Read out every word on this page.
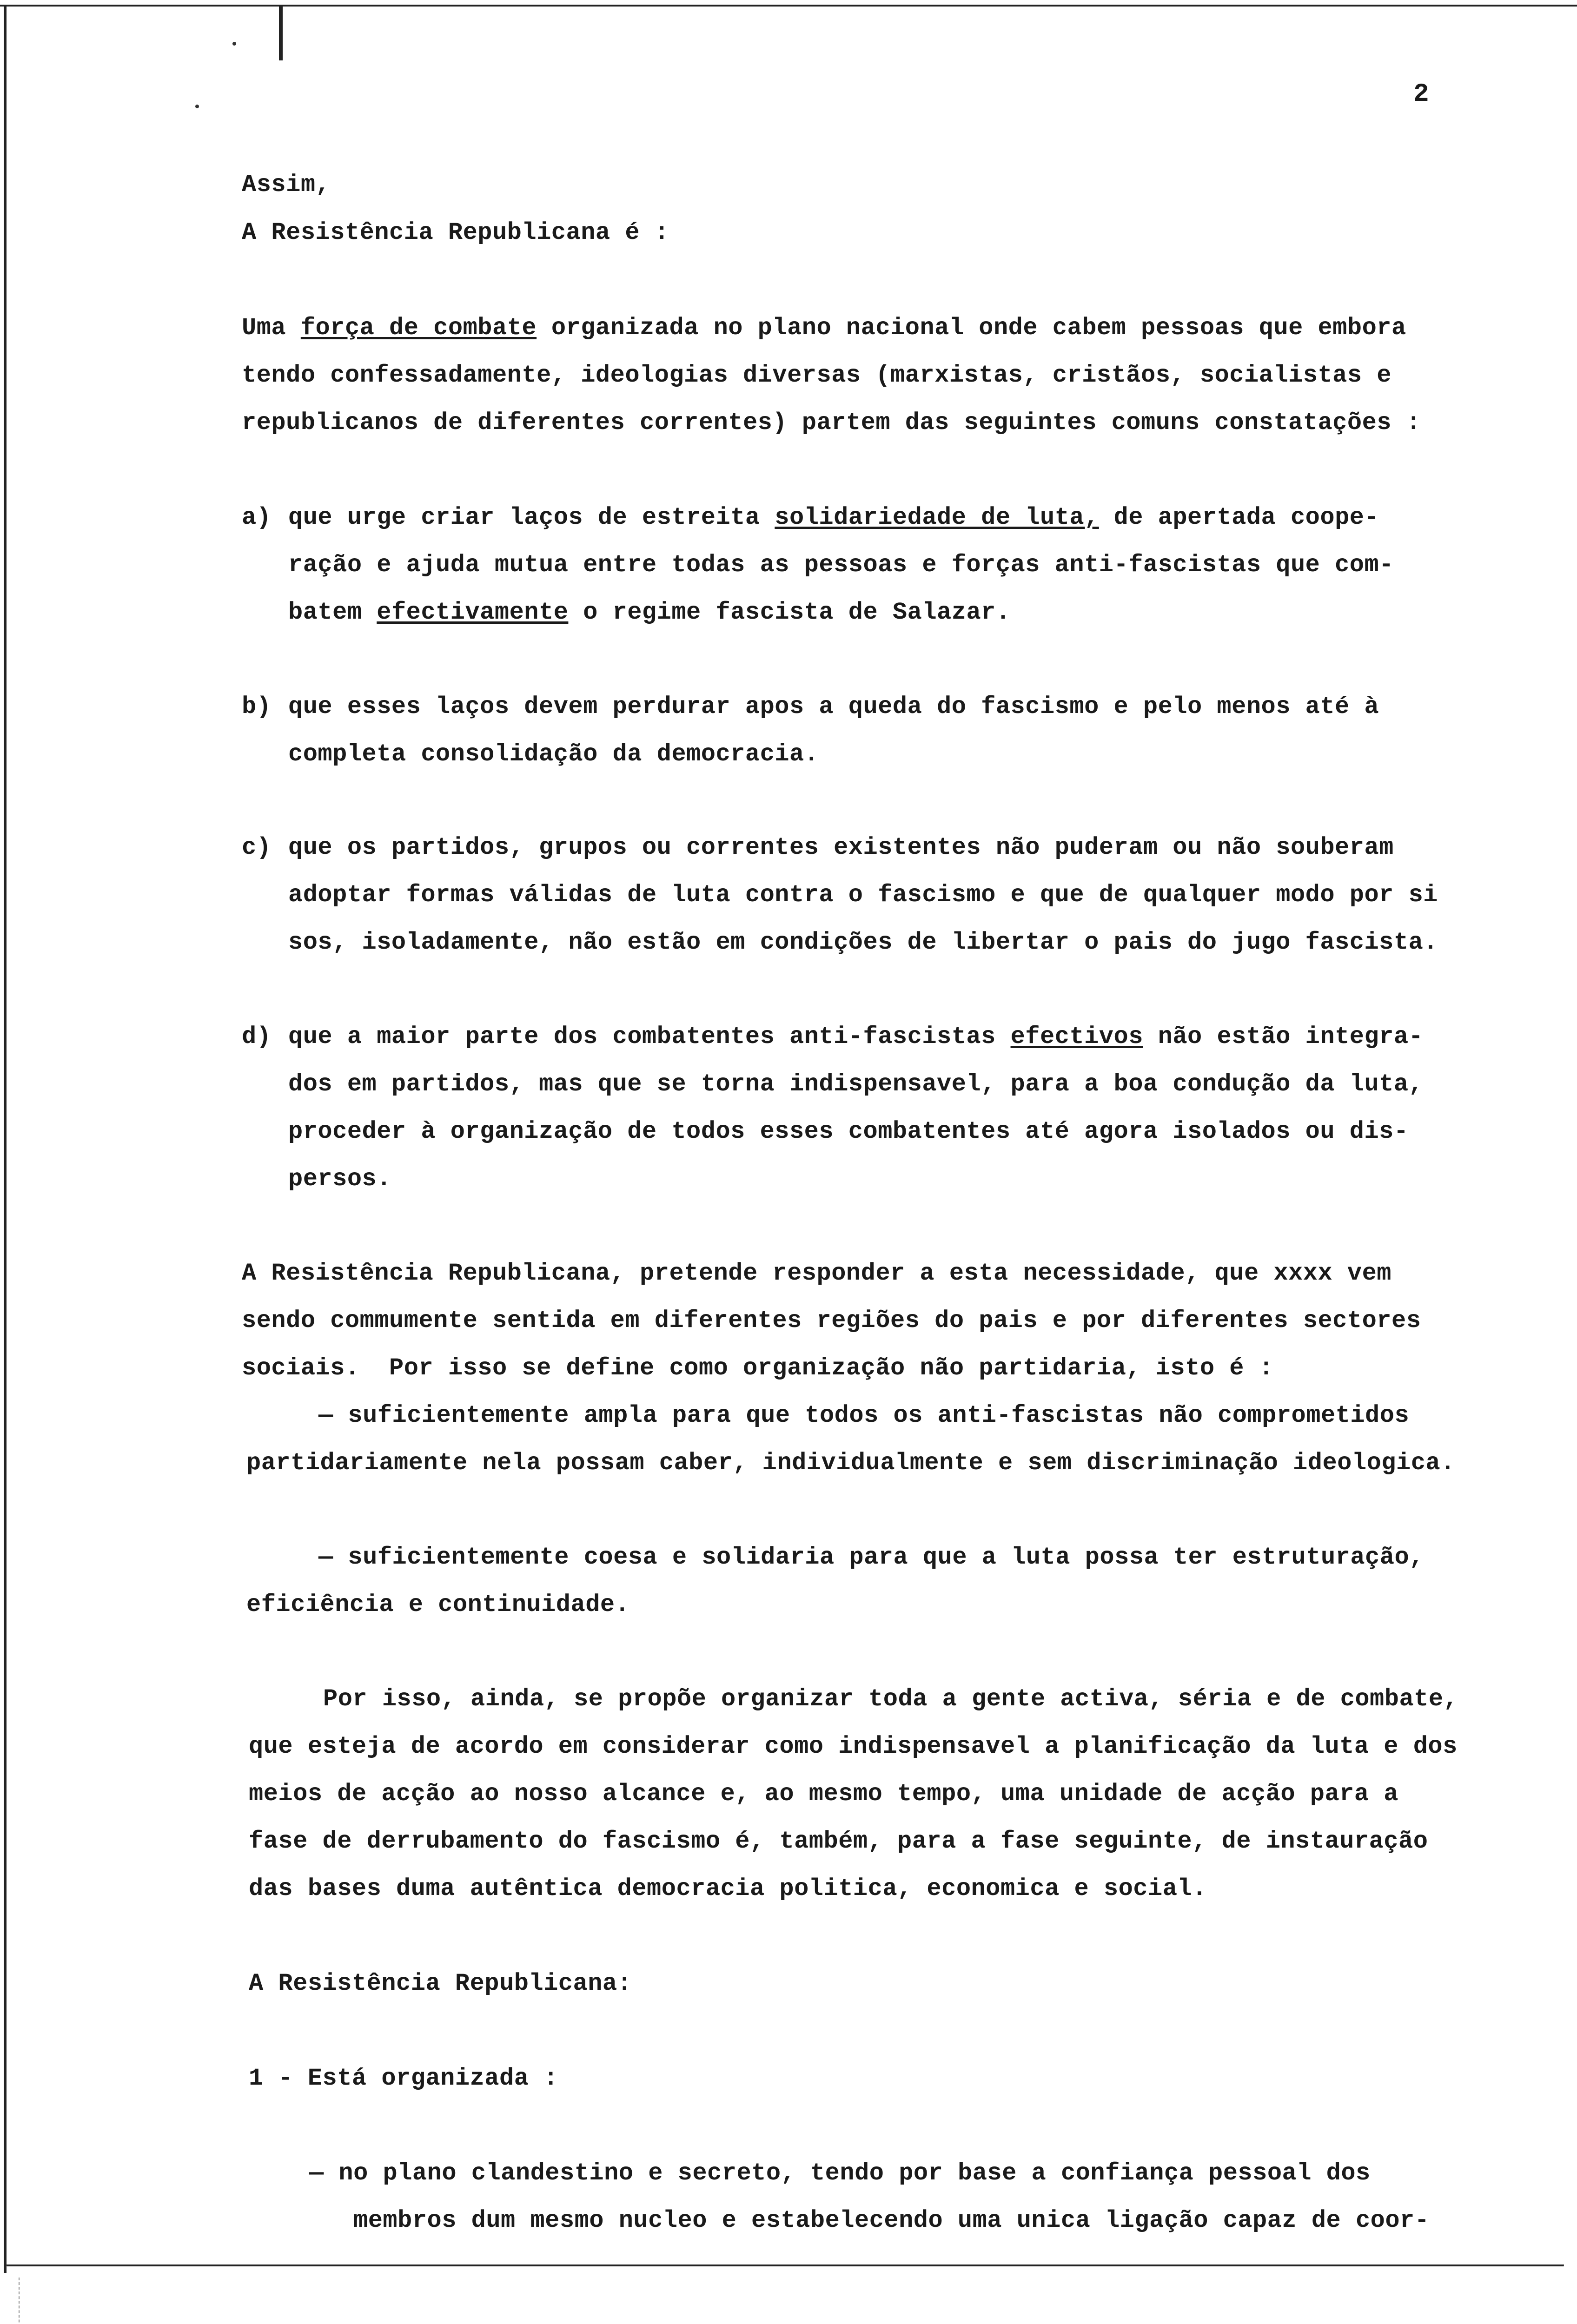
2
Assim,
A Resistência Republicana é :
Uma força de combate organizada no plano nacional onde cabem pessoas que embora
tendo confessadamente, ideologias diversas (marxistas, cristãos, socialistas e
republicanos de diferentes correntes) partem das seguintes comuns constatações :
a) que urge criar laços de estreita solidariedade de luta, de apertada coope-
ração e ajuda mutua entre todas as pessoas e forças anti-fascistas que com-
batem efectivamente o regime fascista de Salazar.
b) que esses laços devem perdurar apos a queda do fascismo e pelo menos até à
completa consolidação da democracia.
c) que os partidos, grupos ou correntes existentes não puderam ou não souberam
adoptar formas válidas de luta contra o fascismo e que de qualquer modo por si
sos, isoladamente, não estão em condições de libertar o pais do jugo fascista.
d) que a maior parte dos combatentes anti-fascistas efectivos não estão integra-
dos em partidos, mas que se torna indispensavel, para a boa condução da luta,
proceder à organização de todos esses combatentes até agora isolados ou dis-
persos.
A Resistência Republicana, pretende responder a esta necessidade, que xxxx vem
sendo commumente sentida em diferentes regiões do pais e por diferentes sectores
sociais.  Por isso se define como organização não partidaria, isto é :
— suficientemente ampla para que todos os anti-fascistas não comprometidos
partidariamente nela possam caber, individualmente e sem discriminação ideologica.
— suficientemente coesa e solidaria para que a luta possa ter estruturação,
eficiência e continuidade.
Por isso, ainda, se propõe organizar toda a gente activa, séria e de combate,
que esteja de acordo em considerar como indispensavel a planificação da luta e dos
meios de acção ao nosso alcance e, ao mesmo tempo, uma unidade de acção para a
fase de derrubamento do fascismo é, também, para a fase seguinte, de instauração
das bases duma autêntica democracia politica, economica e social.
A Resistência Republicana:
1 - Está organizada :
— no plano clandestino e secreto, tendo por base a confiança pessoal dos
membros dum mesmo nucleo e estabelecendo uma unica ligação capaz de coor-
